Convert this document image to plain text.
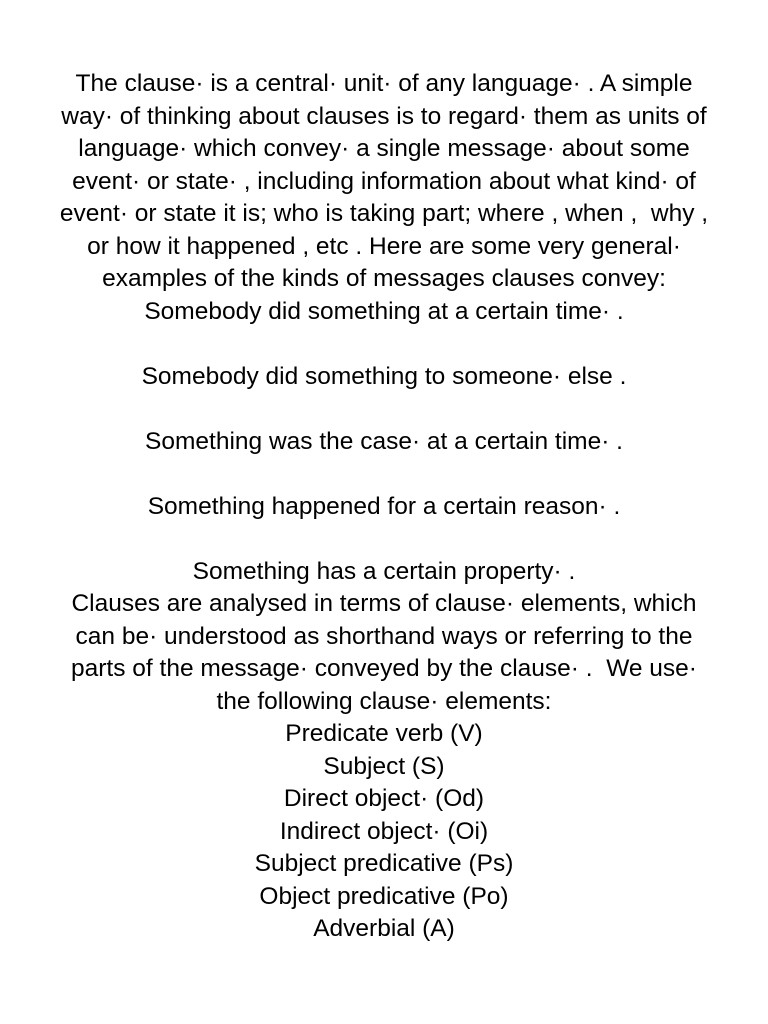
The clause· is a central· unit· of any language· . A simple
way· of thinking about clauses is to regard· them as units of
language· which convey· a single message· about some
event· or state· , including information about what kind· of
event· or state it is; who is taking part; where , when ,  why ,
or how it happened , etc . Here are some very general·
examples of the kinds of messages clauses convey:
Somebody did something at a certain time· .
Somebody did something to someone· else .
Something was the case· at a certain time· .
Something happened for a certain reason· .
Something has a certain property· .
Clauses are analysed in terms of clause· elements, which
can be· understood as shorthand ways or referring to the
parts of the message· conveyed by the clause· .  We use·
the following clause· elements:
Predicate verb (V)
Subject (S)
Direct object· (Od)
Indirect object· (Oi)
Subject predicative (Ps)
Object predicative (Po)
Adverbial (A)
